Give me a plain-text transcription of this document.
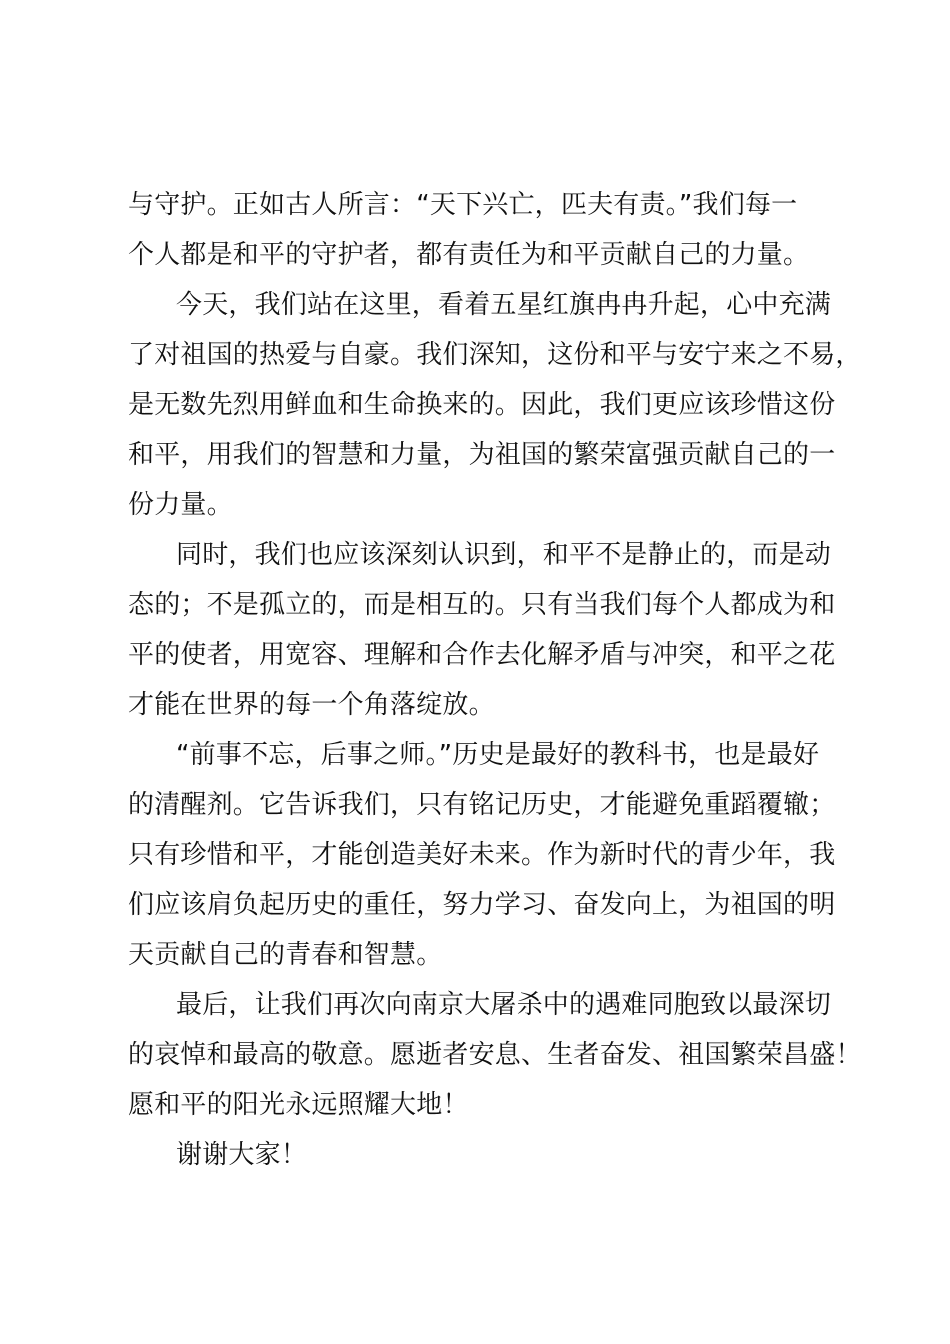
与守护。正如古人所言：“天下兴亡，匹夫有责。”我们每一
个人都是和平的守护者，都有责任为和平贡献自己的力量。
今天，我们站在这里，看着五星红旗冉冉升起，心中充满
了对祖国的热爱与自豪。我们深知，这份和平与安宁来之不易，
是无数先烈用鲜血和生命换来的。因此，我们更应该珍惜这份
和平，用我们的智慧和力量，为祖国的繁荣富强贡献自己的一
份力量。
同时，我们也应该深刻认识到，和平不是静止的，而是动
态的；不是孤立的，而是相互的。只有当我们每个人都成为和
平的使者，用宽容、理解和合作去化解矛盾与冲突，和平之花
才能在世界的每一个角落绽放。
“前事不忘，后事之师。”历史是最好的教科书，也是最好
的清醒剂。它告诉我们，只有铭记历史，才能避免重蹈覆辙；
只有珍惜和平，才能创造美好未来。作为新时代的青少年，我
们应该肩负起历史的重任，努力学习、奋发向上，为祖国的明
天贡献自己的青春和智慧。
最后，让我们再次向南京大屠杀中的遇难同胞致以最深切
的哀悼和最高的敬意。愿逝者安息、生者奋发、祖国繁荣昌盛！
愿和平的阳光永远照耀大地！
谢谢大家！
